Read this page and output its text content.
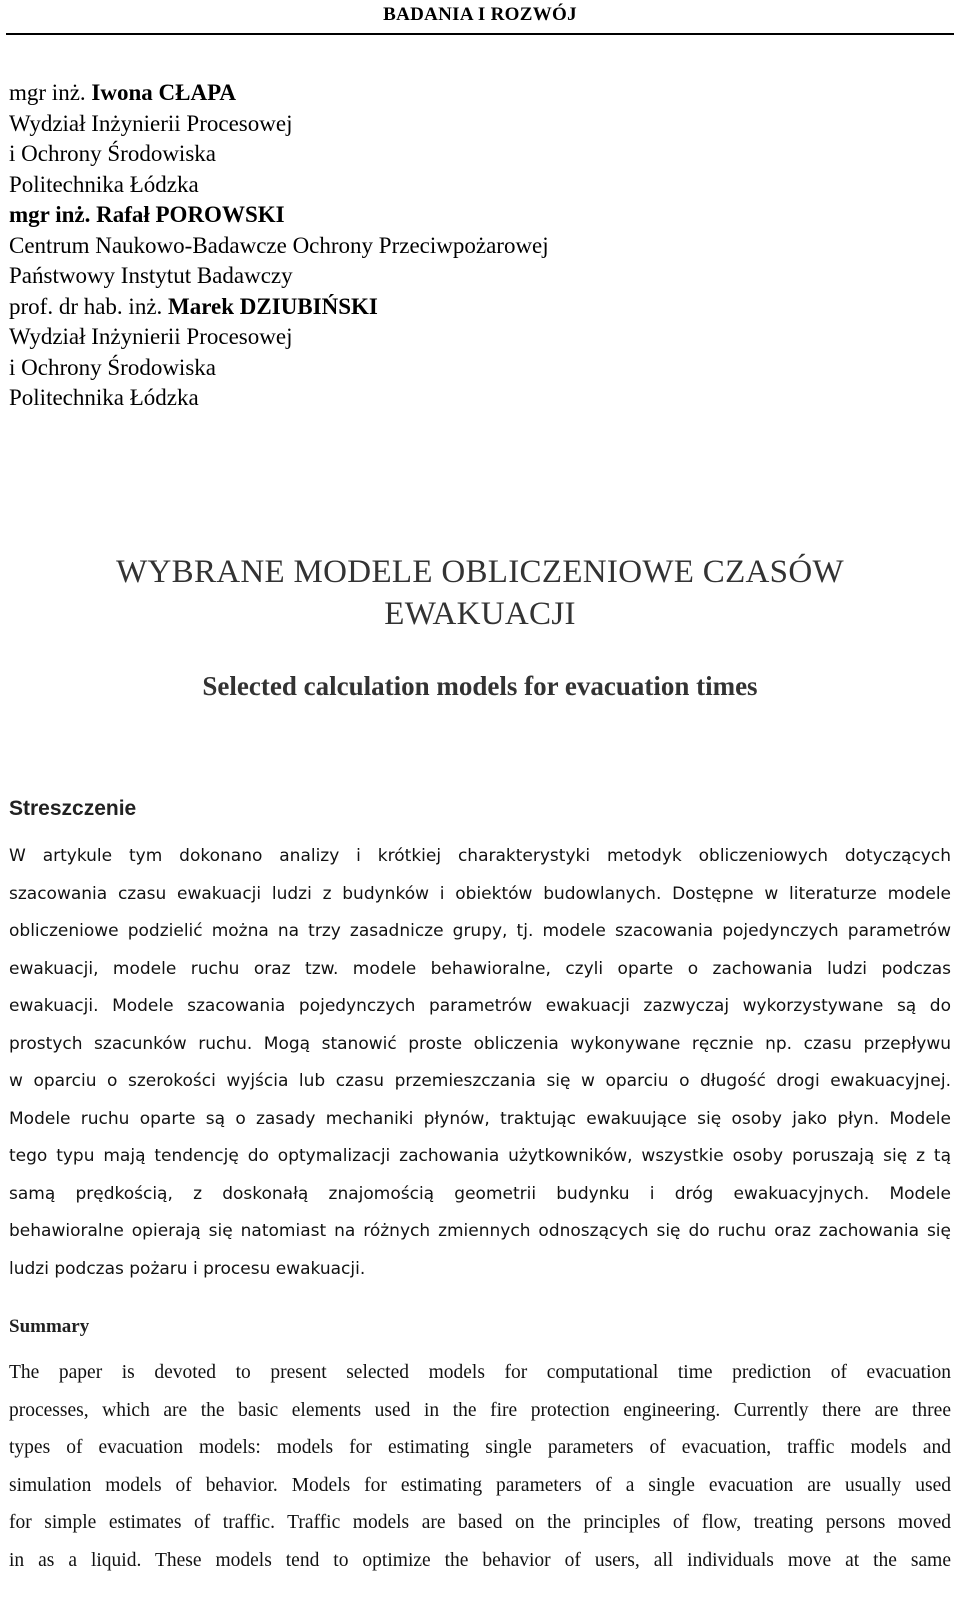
BADANIA I ROZWÓJ
mgr inż. Iwona CŁAPA
Wydział Inżynierii Procesowej
i Ochrony Środowiska
Politechnika Łódzka
mgr inż. Rafał POROWSKI
Centrum Naukowo-Badawcze Ochrony Przeciwpożarowej
Państwowy Instytut Badawczy
prof. dr hab. inż. Marek DZIUBIŃSKI
Wydział Inżynierii Procesowej
i Ochrony Środowiska
Politechnika Łódzka
WYBRANE MODELE OBLICZENIOWE CZASÓW
EWAKUACJI
Selected calculation models for evacuation times
Streszczenie
W artykule tym dokonano analizy i krótkiej charakterystyki metodyk obliczeniowych dotyczących
szacowania czasu ewakuacji ludzi z budynków i obiektów budowlanych. Dostępne w literaturze modele
obliczeniowe podzielić można na trzy zasadnicze grupy, tj. modele szacowania pojedynczych parametrów
ewakuacji, modele ruchu oraz tzw. modele behawioralne, czyli oparte o zachowania ludzi podczas
ewakuacji. Modele szacowania pojedynczych parametrów ewakuacji zazwyczaj wykorzystywane są do
prostych szacunków ruchu. Mogą stanowić proste obliczenia wykonywane ręcznie np. czasu przepływu
w oparciu o szerokości wyjścia lub czasu przemieszczania się w oparciu o długość drogi ewakuacyjnej.
Modele ruchu oparte są o zasady mechaniki płynów, traktując ewakuujące się osoby jako płyn. Modele
tego typu mają tendencję do optymalizacji zachowania użytkowników, wszystkie osoby poruszają się z tą
samą prędkością, z doskonałą znajomością geometrii budynku i dróg ewakuacyjnych. Modele
behawioralne opierają się natomiast na różnych zmiennych odnoszących się do ruchu oraz zachowania się
ludzi podczas pożaru i procesu ewakuacji.
Summary
The paper is devoted to present selected models for computational time prediction of evacuation
processes, which are the basic elements used in the fire protection engineering. Currently there are three
types of evacuation models: models for estimating single parameters of evacuation, traffic models and
simulation models of behavior. Models for estimating parameters of a single evacuation are usually used
for simple estimates of traffic. Traffic models are based on the principles of flow, treating persons moved
in as a liquid. These models tend to optimize the behavior of users, all individuals move at the same
